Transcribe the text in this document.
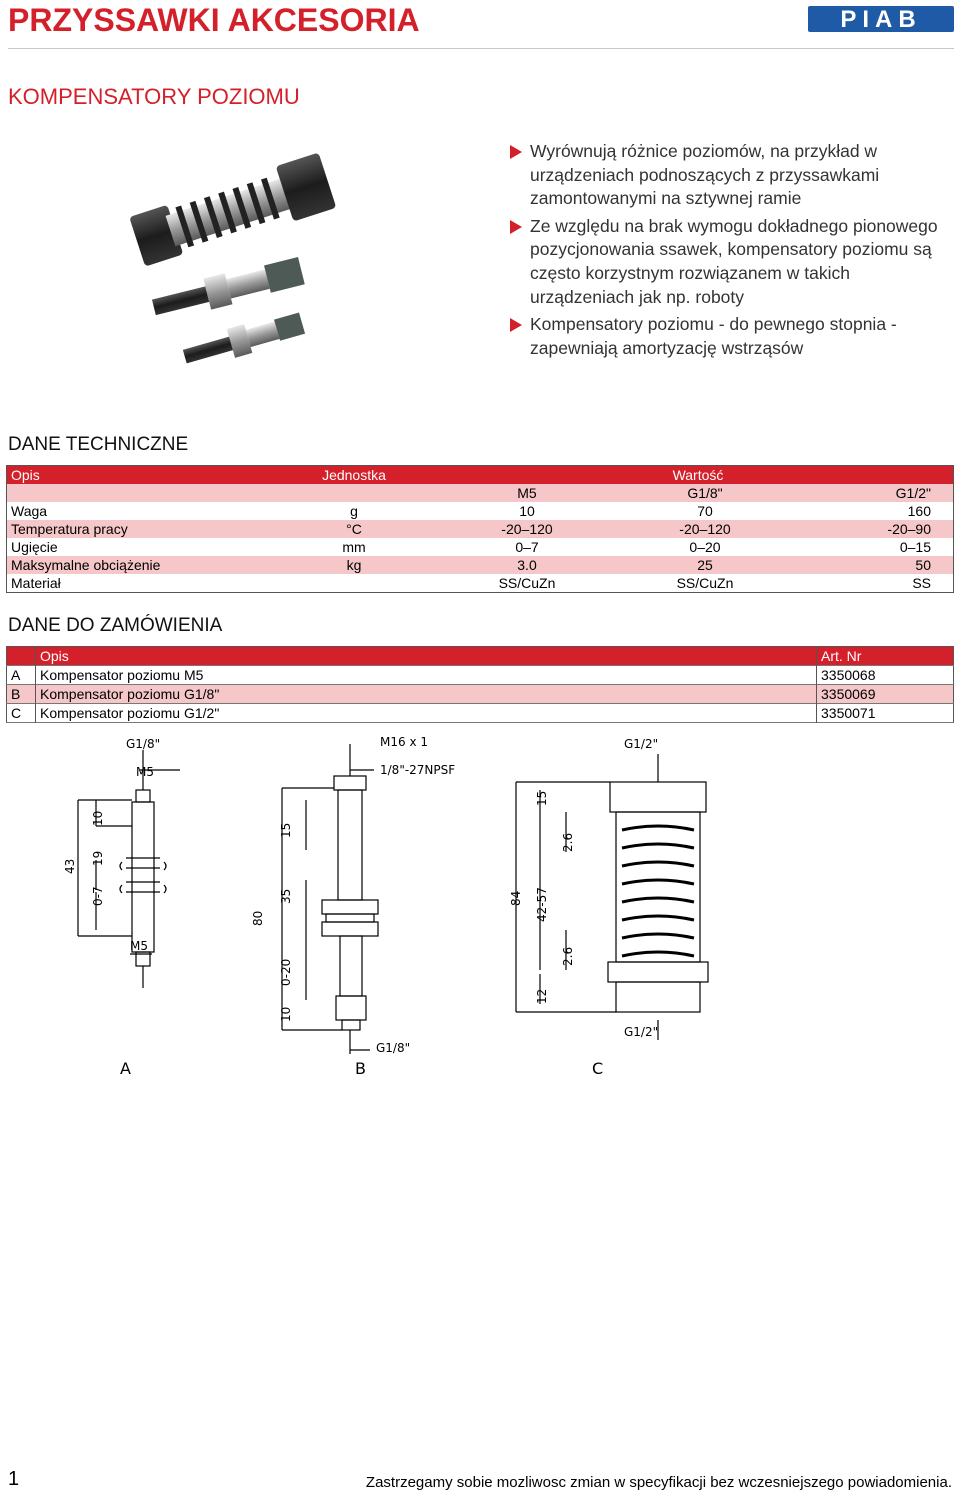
PRZYSSAWKI AKCESORIA	PIAB
KOMPENSATORY POZIOMU
Wyrównują różnice poziomów, na przykład w urządzeniach podnoszących z przyssawkami zamontowanymi na sztywnej ramie
Ze względu na brak wymogu dokładnego pionowego pozycjonowania ssawek, kompensatory poziomu są często korzystnym rozwiązanem w takich urządzeniach jak np. roboty
Kompensatory poziomu - do pewnego stopnia - zapewniają amortyzację wstrząsów
DANE TECHNICZNE
Opis	Jednostka	Wartość		
		M5	G1/8"	G1/2"
Waga	g	10	70	160
Temperatura pracy	°C	-20–120	-20–120	-20–90
Ugięcie	mm	0–7	0–20	0–15
Maksymalne obciążenie	kg	3.0	25	50
Materiał		SS/CuZn	SS/CuZn	SS
DANE DO ZAMÓWIENIA
	Opis	Art. Nr
A	Kompensator poziomu M5	3350068
B	Kompensator poziomu G1/8"	3350069
C	Kompensator poziomu G1/2"	3350071
G1/8"
M5
M5
43
10
19
0-7
M16 x 1
1/8"-27NPSF
G1/8"
80
15
35
0-20
10
G1/2"
G1/2"
84
15
2.6
42-57
2.6
12
A	B	C
1	Zastrzegamy sobie mozliwosc zmian w specyfikacji bez wczesniejszego powiadomienia.
